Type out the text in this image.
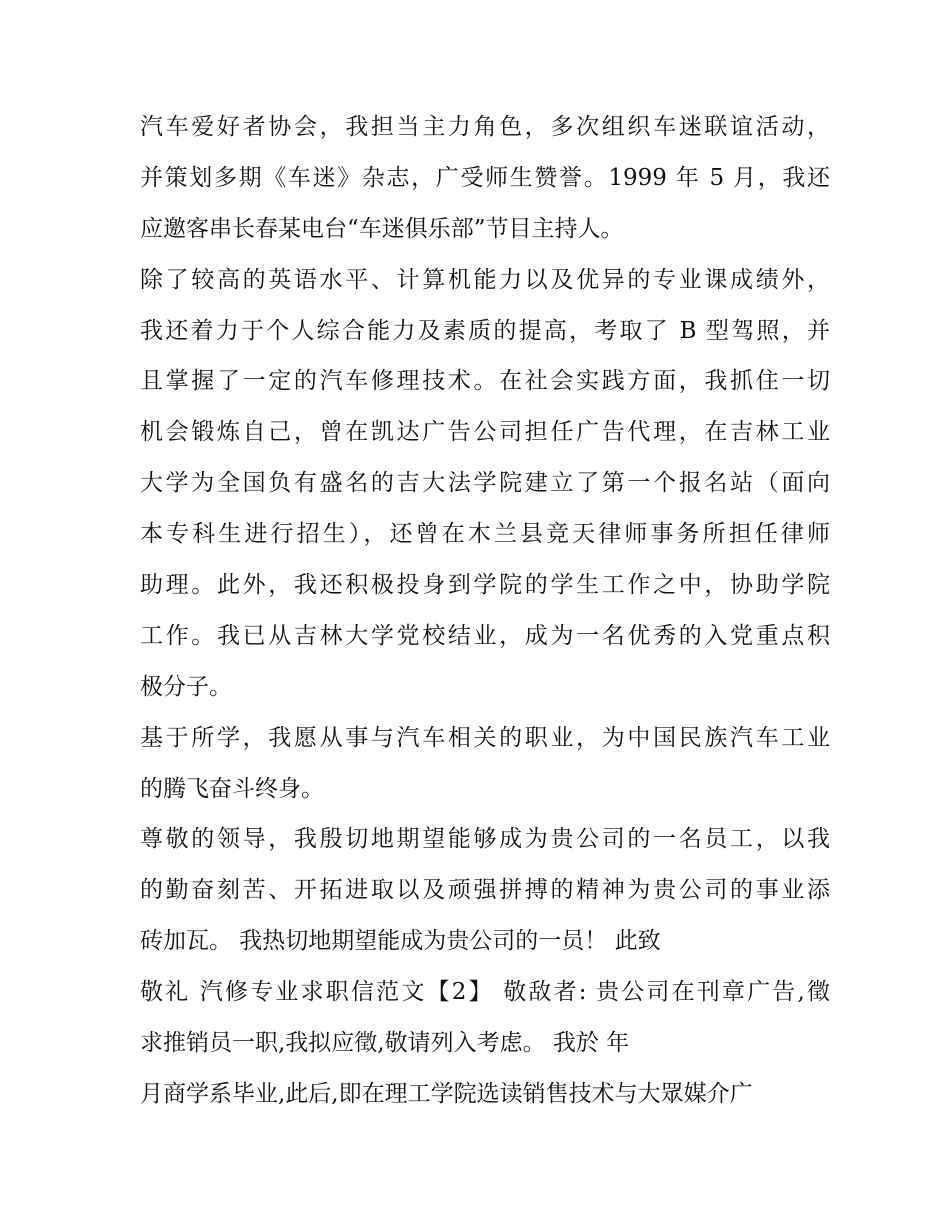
汽车爱好者协会，我担当主力角色，多次组织车迷联谊活动，
并策划多期《车迷》杂志，广受师生赞誉。1999 年 5 月，我还
应邀客串长春某电台“车迷俱乐部”节目主持人。
除了较高的英语水平、计算机能力以及优异的专业课成绩外，
我还着力于个人综合能力及素质的提高，考取了 B 型驾照，并
且掌握了一定的汽车修理技术。在社会实践方面，我抓住一切
机会锻炼自己，曾在凯达广告公司担任广告代理，在吉林工业
大学为全国负有盛名的吉大法学院建立了第一个报名站（面向
本专科生进行招生），还曾在木兰县竞天律师事务所担任律师
助理。此外，我还积极投身到学院的学生工作之中，协助学院
工作。我已从吉林大学党校结业，成为一名优秀的入党重点积
极分子。
基于所学，我愿从事与汽车相关的职业，为中国民族汽车工业
的腾飞奋斗终身。
尊敬的领导，我殷切地期望能够成为贵公司的一名员工，以我
的勤奋刻苦、开拓进取以及顽强拼搏的精神为贵公司的事业添
砖加瓦。 我热切地期望能成为贵公司的一员！ 此致
敬礼 汽修专业求职信范文【2】 敬敌者: 贵公司在刊章广告,徵
求推销员一职,我拟应徵,敬请列入考虑。 我於 年
月商学系毕业,此后,即在理工学院选读销售技术与大眾媒介广
